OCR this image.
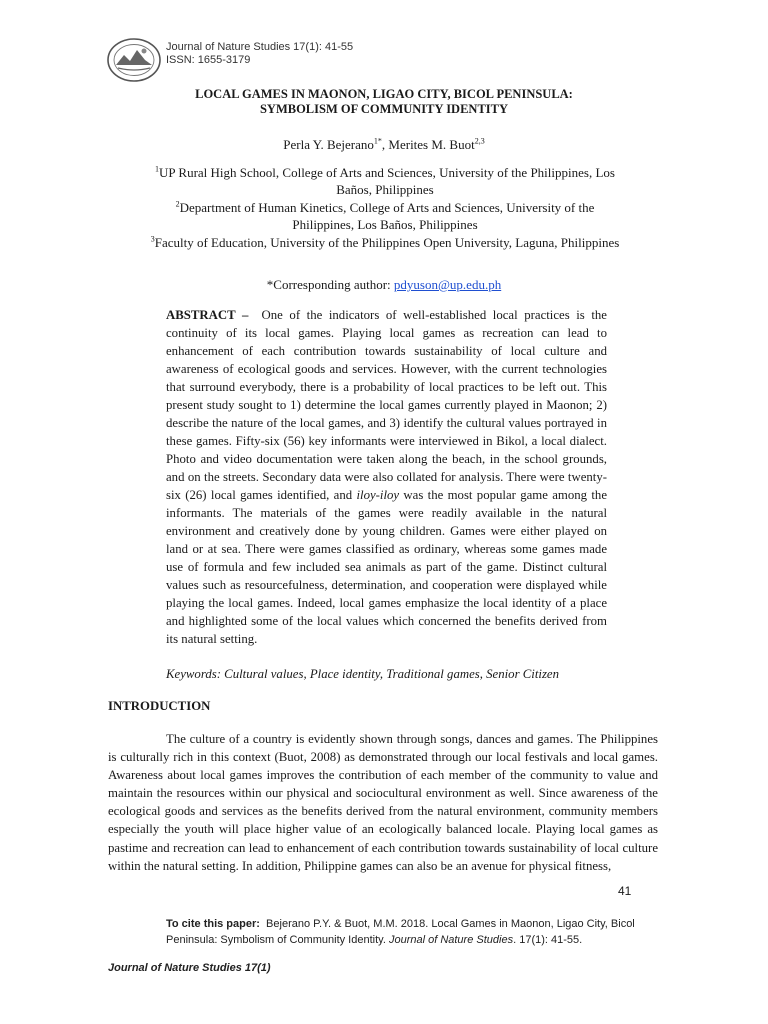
Journal of Nature Studies 17(1): 41-55
ISSN: 1655-3179
LOCAL GAMES IN MAONON, LIGAO CITY, BICOL PENINSULA:
SYMBOLISM OF COMMUNITY IDENTITY
Perla Y. Bejerano$^{1*}$, Merites M. Buot$^{2,3}$
$^1$UP Rural High School, College of Arts and Sciences, University of the Philippines, Los Baños, Philippines
$^2$Department of Human Kinetics, College of Arts and Sciences, University of the Philippines, Los Baños, Philippines
$^3$Faculty of Education, University of the Philippines Open University, Laguna, Philippines
*Corresponding author: pdyuson@up.edu.ph

ABSTRACT – One of the indicators of well-established local practices is the continuity of its local games. Playing local games as recreation can lead to enhancement of each contribution towards sustainability of local culture and awareness of ecological goods and services. However, with the current technologies that surround everybody, there is a probability of local practices to be left out. This present study sought to 1) determine the local games currently played in Maonon; 2) describe the nature of the local games, and 3) identify the cultural values portrayed in these games. Fifty-six (56) key informants were interviewed in Bikol, a local dialect. Photo and video documentation were taken along the beach, in the school grounds, and on the streets. Secondary data were also collated for analysis. There were twenty-six (26) local games identified, and iloy-iloy was the most popular game among the informants. The materials of the games were readily available in the natural environment and creatively done by young children. Games were either played on land or at sea. There were games classified as ordinary, whereas some games made use of formula and few included sea animals as part of the game. Distinct cultural values such as resourcefulness, determination, and cooperation were displayed while playing the local games. Indeed, local games emphasize the local identity of a place and highlighted some of the local values which concerned the benefits derived from its natural setting.

Keywords: Cultural values, Place identity, Traditional games, Senior Citizen
INTRODUCTION

The culture of a country is evidently shown through songs, dances and games. The Philippines is culturally rich in this context (Buot, 2008) as demonstrated through our local festivals and local games. Awareness about local games improves the contribution of each member of the community to value and maintain the resources within our physical and sociocultural environment as well. Since awareness of the ecological goods and services as the benefits derived from the natural environment, community members especially the youth will place higher value of an ecologically balanced locale. Playing local games as pastime and recreation can lead to enhancement of each contribution towards sustainability of local culture within the natural setting. In addition, Philippine games can also be an avenue for physical fitness,

41
To cite this paper: Bejerano P.Y. & Buot, M.M. 2018. Local Games in Maonon, Ligao City, Bicol Peninsula: Symbolism of Community Identity. Journal of Nature Studies. 17(1): 41-55.
Journal of Nature Studies 17(1)
